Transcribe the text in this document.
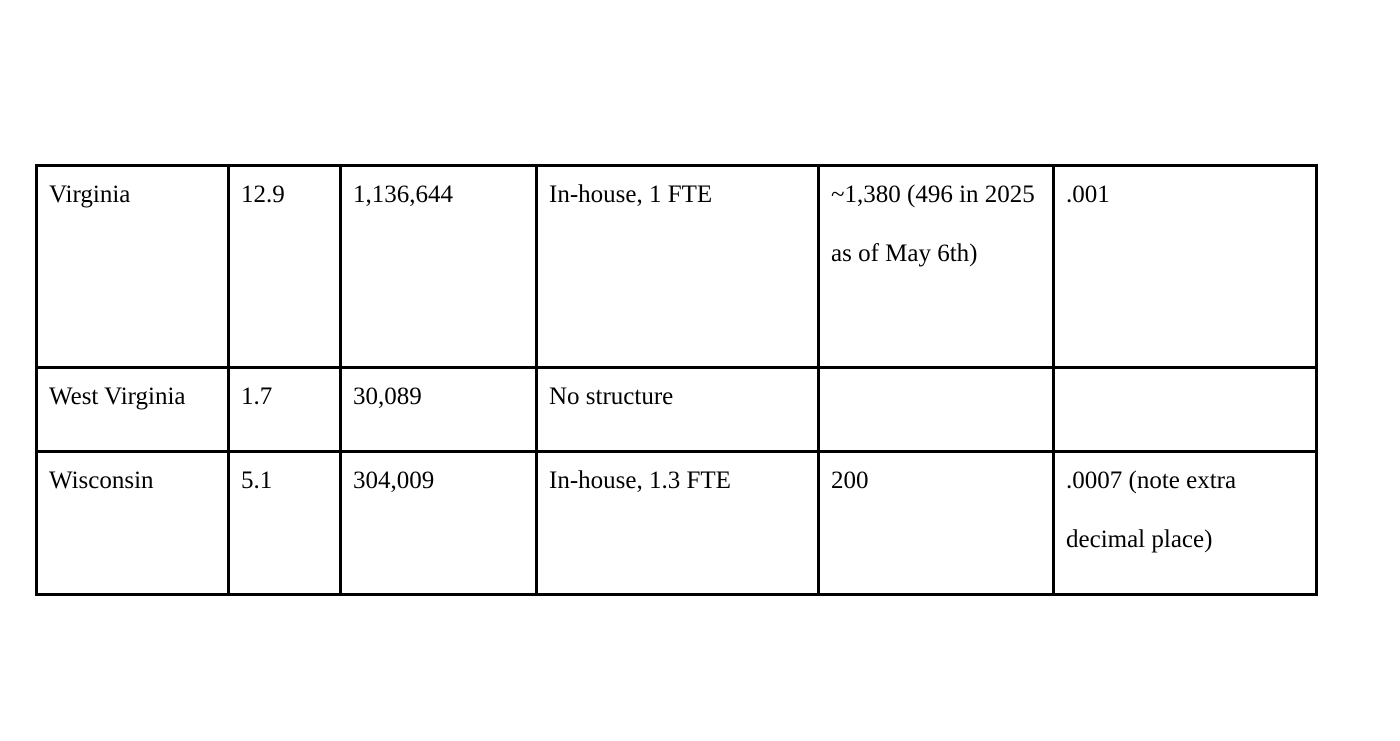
Virginia	12.9	1,136,644	In-house, 1 FTE	~1,380 (496 in 2025 as of May 6th)	.001

West Virginia	1.7	30,089	No structure		

Wisconsin	5.1	304,009	In-house, 1.3 FTE	200	.0007 (note extra decimal place)
